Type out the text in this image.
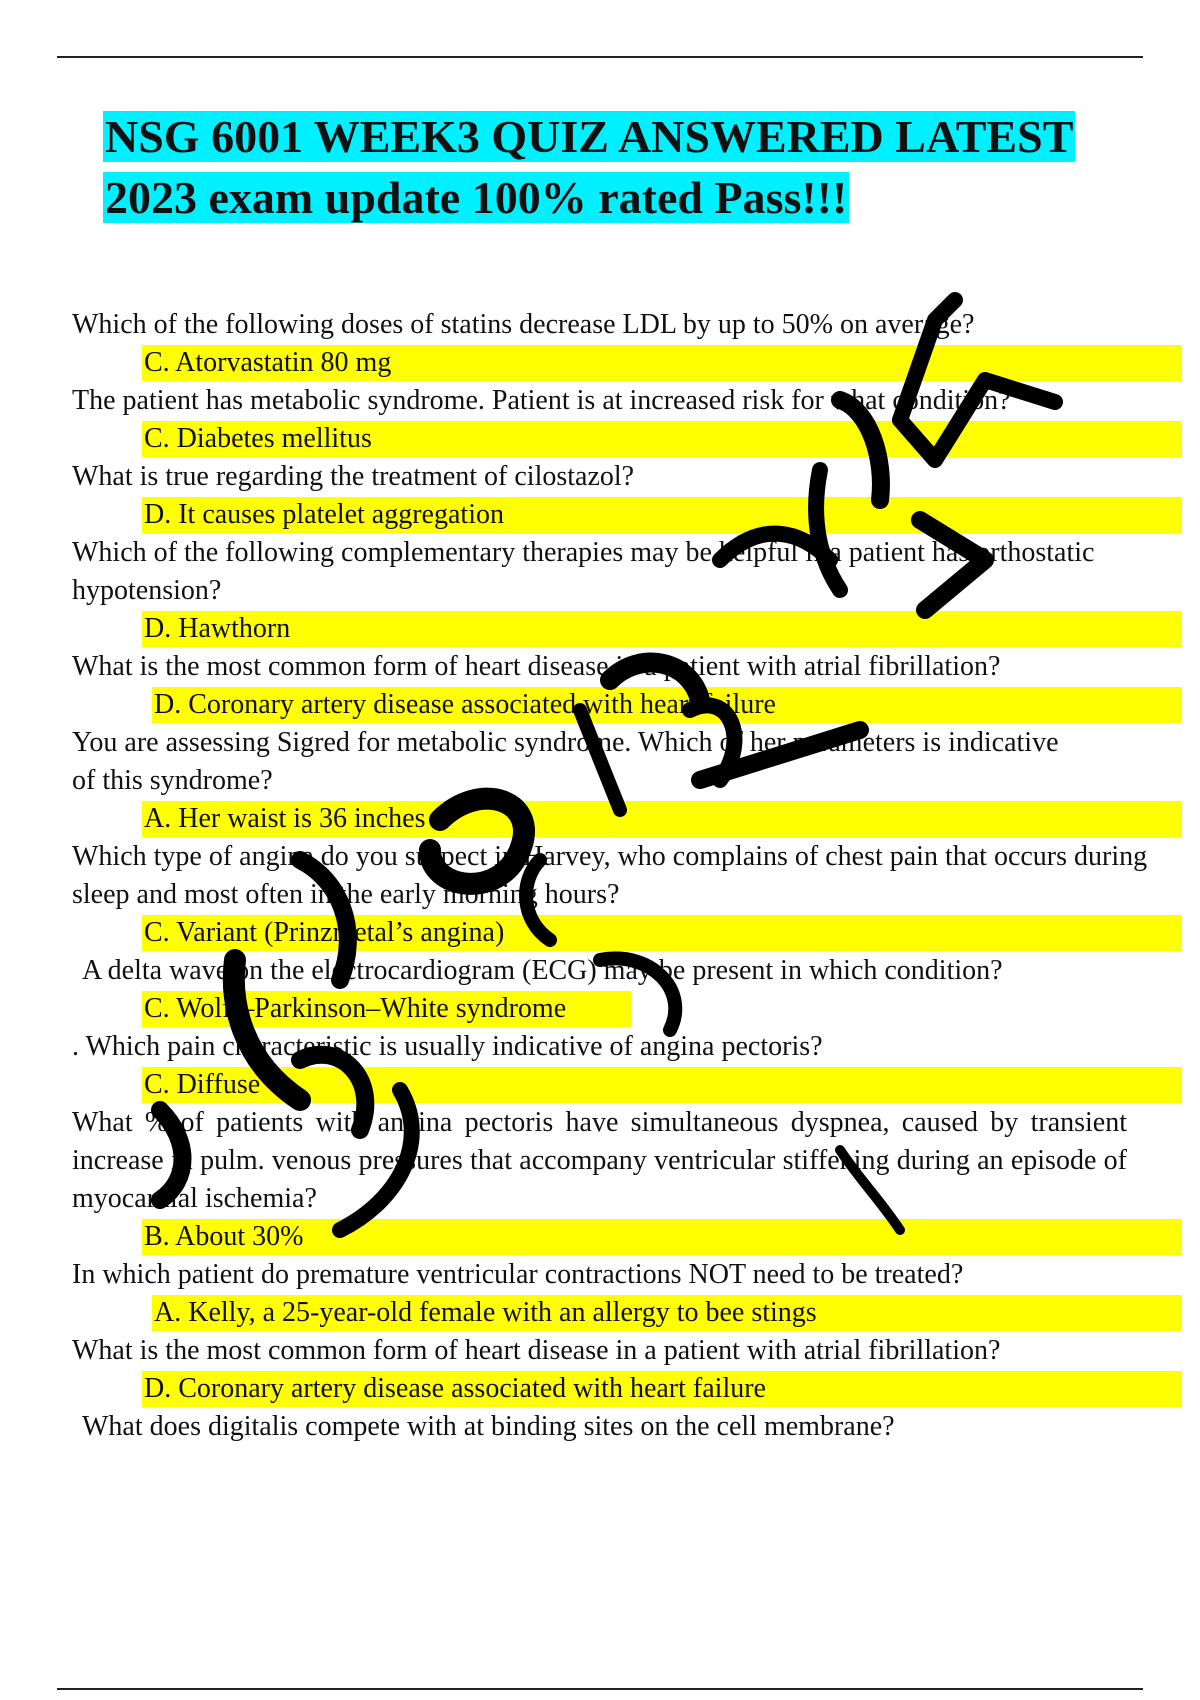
NSG 6001 WEEK3 QUIZ ANSWERED LATEST
2023 exam update 100% rated Pass!!!

Which of the following doses of statins decrease LDL by up to 50% on average?

C. Atorvastatin 80 mg

The patient has metabolic syndrome. Patient is at increased risk for what condition?

C. Diabetes mellitus

What is true regarding the treatment of cilostazol?

D. It causes platelet aggregation

Which of the following complementary therapies may be helpful if a patient has orthostatic hypotension?

D. Hawthorn

What is the most common form of heart disease in a patient with atrial fibrillation?

D. Coronary artery disease associated with heart failure

You are assessing Sigred for metabolic syndrome. Which of her parameters is indicative of this syndrome?

A. Her waist is 36 inches

Which type of angina do you suspect in Harvey, who complains of chest pain that occurs during sleep and most often in the early morning hours?

C. Variant (Prinzmetal’s angina)

A delta wave on the electrocardiogram (ECG) may be present in which condition?

C. Wolff–Parkinson–White syndrome

. Which pain characteristic is usually indicative of angina pectoris?

C. Diffuse

What % of patients with angina pectoris have simultaneous dyspnea, caused by transient increase in pulm. venous pressures that accompany ventricular stiffening during an episode of myocardial ischemia?

B. About 30%

In which patient do premature ventricular contractions NOT need to be treated?

A. Kelly, a 25-year-old female with an allergy to bee stings

What is the most common form of heart disease in a patient with atrial fibrillation?

D. Coronary artery disease associated with heart failure

What does digitalis compete with at binding sites on the cell membrane?
